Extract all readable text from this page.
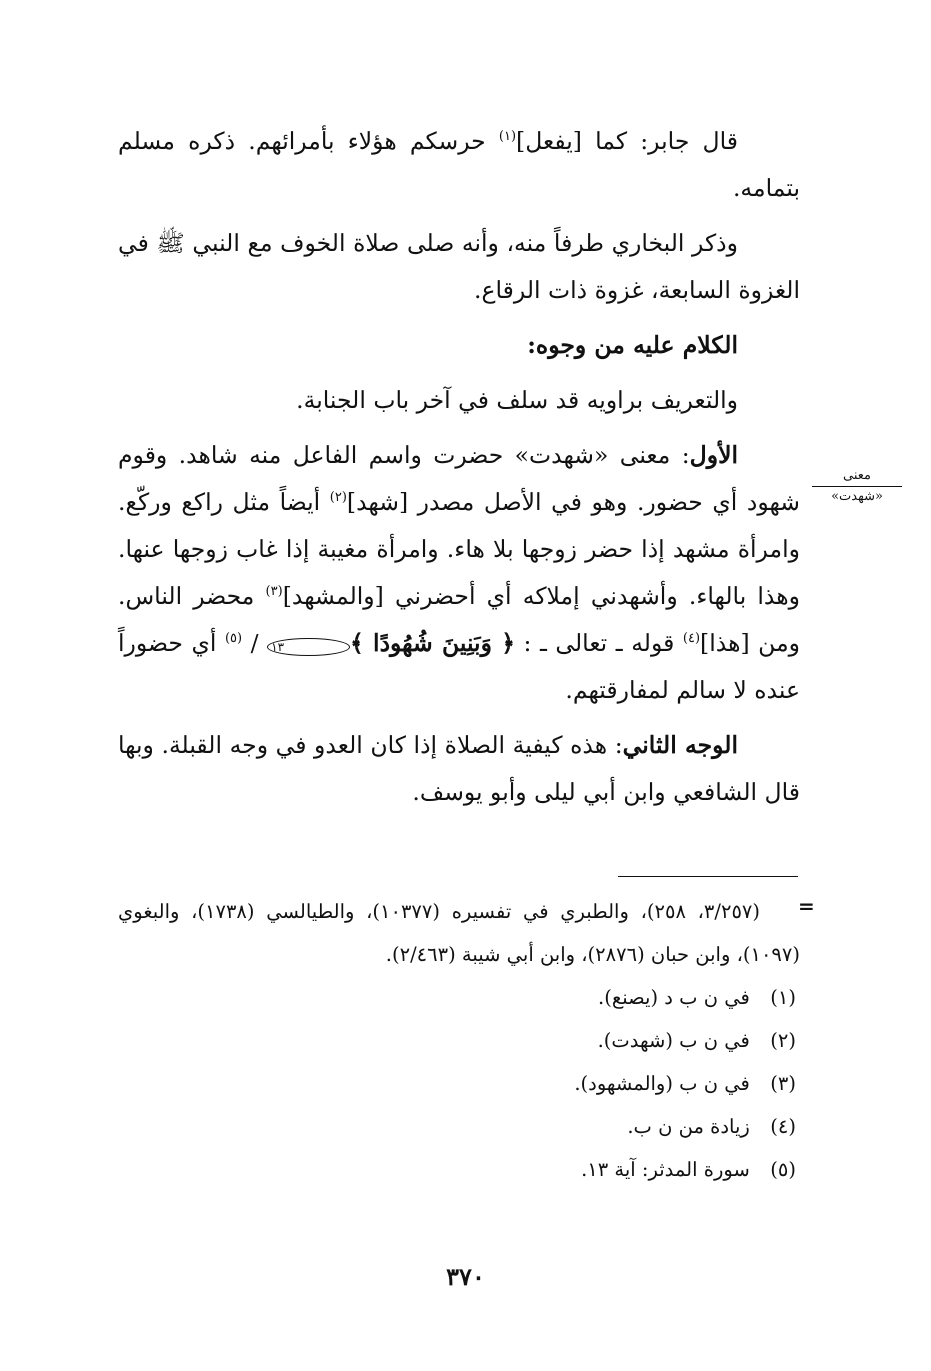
قال جابر: كما [يفعل]$^{(١)}$ حرسكم هؤلاء بأمرائهم. ذكره مسلم بتمامه.

وذكر البخاري طرفاً منه، وأنه صلى صلاة الخوف مع النبي ﷺ في الغزوة السابعة، غزوة ذات الرقاع.

الكلام عليه من وجوه:

والتعريف براويه قد سلف في آخر باب الجنابة.

الأول: معنى «شهدت» حضرت واسم الفاعل منه شاهد. وقوم شهود أي حضور. وهو في الأصل مصدر [شهد]$^{(٢)}$ أيضاً مثل راكع وركّع. وامرأة مشهد إذا حضر زوجها بلا هاء. وامرأة مغيبة إذا غاب زوجها عنها. وهذا بالهاء. وأشهدني إملاكه أي أحضرني [والمشهد]$^{(٣)}$ محضر الناس. ومن [هذا]$^{(٤)}$ قوله ـ تعالى ـ : ﴿ وَبَنِينَ شُهُودًا ﴾١٣ / $^{(٥)}$ أي حضوراً عنده لا سالم لمفارقتهم.

الوجه الثاني: هذه كيفية الصلاة إذا كان العدو في وجه القبلة. وبها قال الشافعي وابن أبي ليلى وأبو يوسف.

معنى
«شهدت»
=

(٣/٢٥٧، ٢٥٨)، والطبري في تفسيره (١٠٣٧٧)، والطيالسي (١٧٣٨)، والبغوي (١٠٩٧)، وابن حبان (٢٨٧٦)، وابن أبي شيبة (٢/٤٦٣).

(١) في ن ب د (يصنع).

(٢) في ن ب (شهدت).

(٣) في ن ب (والمشهود).

(٤) زيادة من ن ب.

(٥) سورة المدثر: آية ١٣.

٣٧٠
